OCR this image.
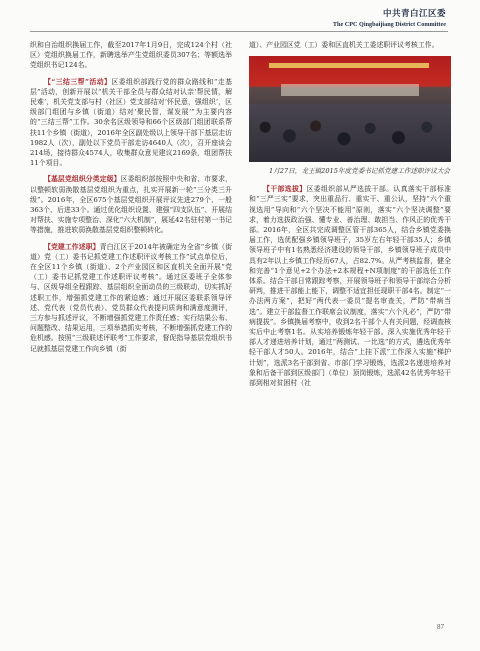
中共青白江区委
The CPC Qingbaijiang District Committee

织和自治组织换届工作，截至2017年1月9日，完成124个村（社区）党组织换届工作，新聘选举产生党组织委员307名；等额选举党组织书记124名。

【“三结三帮”活动】区委组织部践行党的群众路线和“走基层”活动，创新开展以“机关干部全员与群众结对认亲‘帮民情，解民难’，机关党支部与村（社区）党支部结对‘怀民意，强组织’，区级部门组团与乡镇（街道）结对‘聚民智，谋发展’”为主要内容的“三结三帮”工作。30余名区级领导和66个区级部门组团联系帮扶11个乡镇（街道），2016年全区副处级以上领导干部下基层走访1982人（次），副处以下党员干部走访4640人（次），召开座谈会214场，接待群众4574人，收集群众意见建议2169条，组团帮扶11个项目。

【基层党组织分类定级】区委组织部按照中央和省、市要求，以整顿软弱涣散基层党组织为重点，扎实开展新一轮“三分类三升级”。2016年，全区675个基层党组织开展评议先进279个、一般363个、后进33个。通过优化组织设置、建强“四支队伍”、开展结对帮扶、实施专项整治、深化“六大机制”，展延42名驻村第一书记等措施，推进软弱涣散基层党组织整顿转化。

【党建工作述职】青白江区于2014年被确定为全省“乡镇（街道）党（工）委书记抓党建工作述职评议考核工作”试点单位后，在全区11个乡镇（街道）、2个产业园区和区直机关全面开展“党（工）委书记抓党建工作述职评议考核”。通过区委班子全体参与、区级导组全程跟踪、基层组织全面动员的三级联动，切实抓好述职工作，增强抓党建工作的紧迫感；通过开展区委联系领导评述、党代表（党员代表）、党员群众代表提问质询和满意度测评，三方参与抓述评议，不断增强抓党建工作责任感；实行结果公布、问题整改、结果运用，三项举措抓实考核，不断增强抓党建工作的危机感。按照“三级联述评联考”工作要求，督促指导基层党组织书记就抓基层党建工作向乡镇（街

道）、产业园区党（工）委和区直机关工委述职评议考核工作。

1月27日，龙王镇2015年度党委书记抓党建工作述职评议大会

【干部选拔】区委组织部从严选拔干部。认真落实干部标准和“三严三实”要求，突出重品行、重实干、重公认，坚持“六个重视选用”导向和“六个坚决不能用”原则，落实“六个坚决调整”要求，着力选拔政治强、懂专业、善治理、敢担当、作风正的优秀干部。2016年，全区共完成调整区管干部365人，结合乡镇党委换届工作，选优配强乡镇领导班子，35岁左右年轻干部35人；乡镇领导班子中有1名熟悉经济建设的领导干部，乡镇领导班子成员中具有2年以上乡镇工作经历67人，占82.7%。从严考核监督，健全和完善“1个意见+2个办法+2本规程+N项制度”的干部选任工作体系。结合干部日常跟踪考察，开展领导班子和领导干部综合分析研判，推进干部能上能下，调整不适宜担任现职干部4名。制定“一办法两方案”，把好“两代表一委员”提名审查关，严防“带病当选”。建立干部监督工作联席会议制度，落实“六个凡必”，严防“带病提拔”。乡镇换届考察中，收到2名干部个人有关问题，经调查核实后中止考察1名。从实培养锻炼年轻干部。深入实施优秀年轻干部人才递进培养计划，通过“两测试、一比选”的方式，遴选优秀年轻干部人才50人。2016年，结合“上挂下派”工作深入实施“梯护计划”，选派3名干部到省、市部门学习锻炼，选派2名递进培养对象和后备干部到区级部门（单位）顶岗锻炼，选派42名优秀年轻干部到相对贫困村（社

87
